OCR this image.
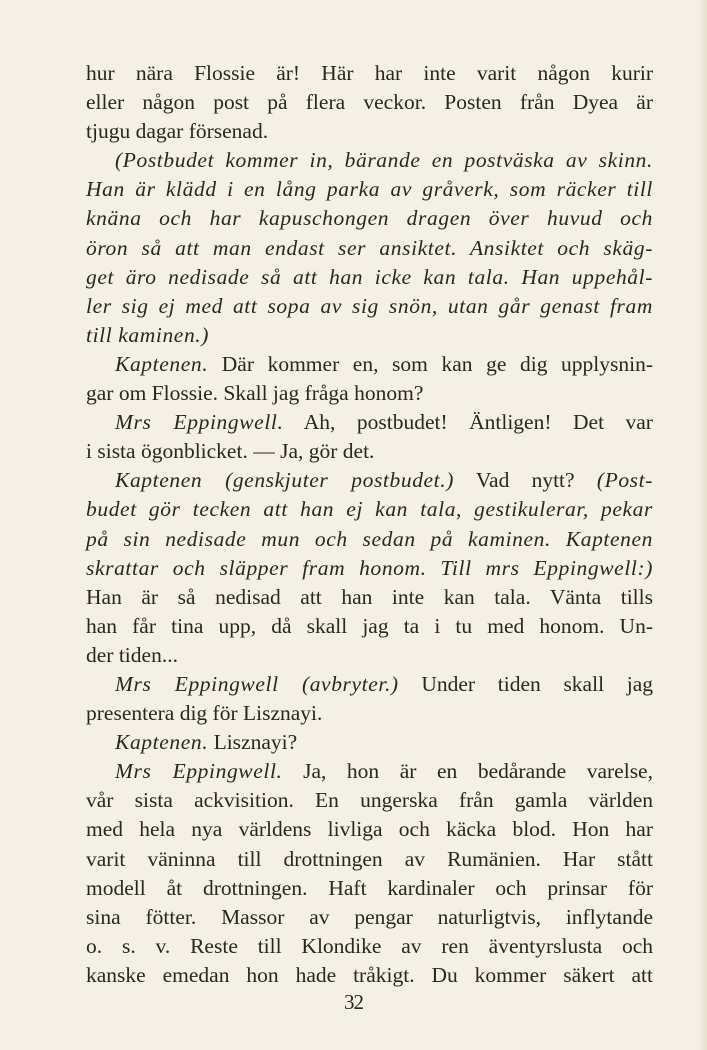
hur nära Flossie är! Här har inte varit någon kurir
eller någon post på flera veckor. Posten från Dyea är
tjugu dagar försenad.
(Postbudet kommer in, bärande en postväska av skinn.
Han är klädd i en lång parka av gråverk, som räcker till
knäna och har kapuschongen dragen över huvud och
öron så att man endast ser ansiktet. Ansiktet och skäg-
get äro nedisade så att han icke kan tala. Han uppehål-
ler sig ej med att sopa av sig snön, utan går genast fram
till kaminen.)
Kaptenen. Där kommer en, som kan ge dig upplysnin-
gar om Flossie. Skall jag fråga honom?
Mrs Eppingwell. Ah, postbudet! Äntligen! Det var
i sista ögonblicket. — Ja, gör det.
Kaptenen (genskjuter postbudet.) Vad nytt? (Post-
budet gör tecken att han ej kan tala, gestikulerar, pekar
på sin nedisade mun och sedan på kaminen. Kaptenen
skrattar och släpper fram honom. Till mrs Eppingwell:)
Han är så nedisad att han inte kan tala. Vänta tills
han får tina upp, då skall jag ta i tu med honom. Un-
der tiden...
Mrs Eppingwell (avbryter.) Under tiden skall jag
presentera dig för Lisznayi.
Kaptenen. Lisznayi?
Mrs Eppingwell. Ja, hon är en bedårande varelse,
vår sista ackvisition. En ungerska från gamla världen
med hela nya världens livliga och käcka blod. Hon har
varit väninna till drottningen av Rumänien. Har stått
modell åt drottningen. Haft kardinaler och prinsar för
sina fötter. Massor av pengar naturligtvis, inflytande
o. s. v. Reste till Klondike av ren äventyrslusta och
kanske emedan hon hade tråkigt. Du kommer säkert att
32
